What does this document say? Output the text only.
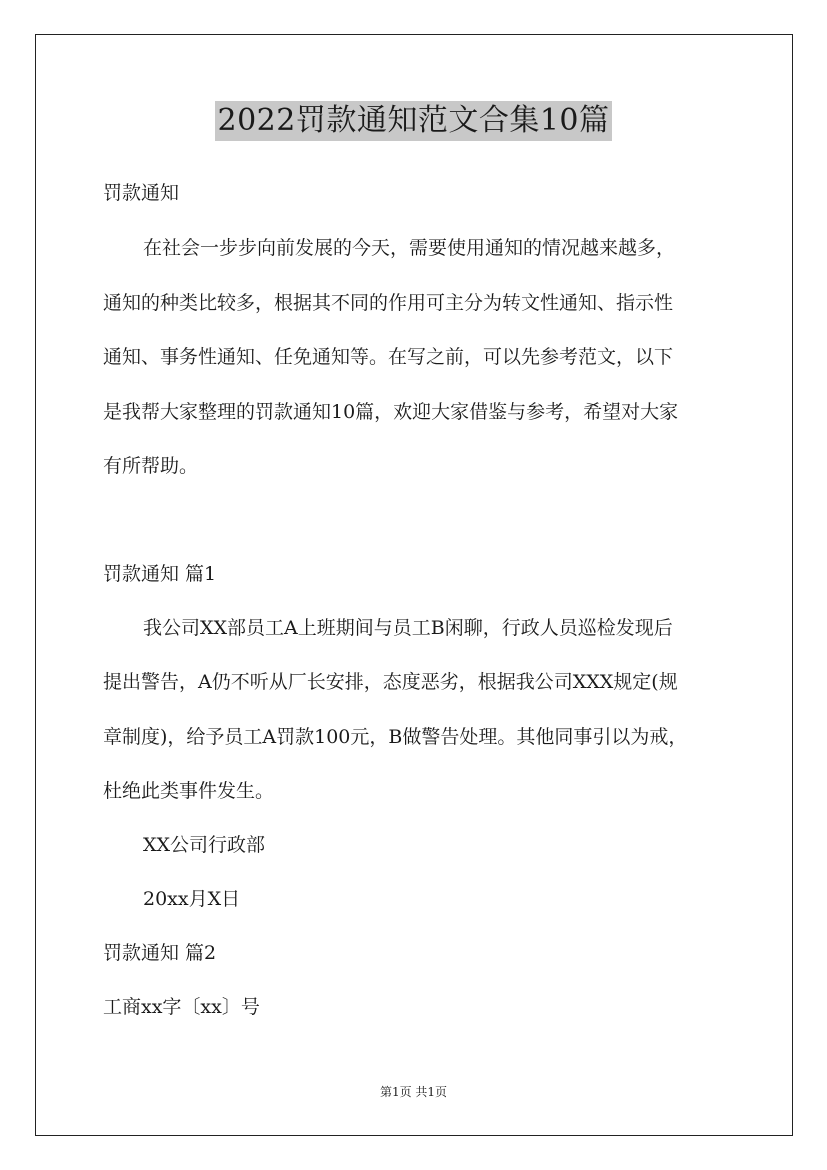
2022罚款通知范文合集10篇
罚款通知
在社会一步步向前发展的今天，需要使用通知的情况越来越多，
通知的种类比较多，根据其不同的作用可主分为转文性通知、指示性
通知、事务性通知、任免通知等。在写之前，可以先参考范文，以下
是我帮大家整理的罚款通知10篇，欢迎大家借鉴与参考，希望对大家
有所帮助。
罚款通知 篇1
我公司XX部员工A上班期间与员工B闲聊，行政人员巡检发现后
提出警告，A仍不听从厂长安排，态度恶劣，根据我公司XXX规定(规
章制度)，给予员工A罚款100元，B做警告处理。其他同事引以为戒，
杜绝此类事件发生。
XX公司行政部
20xx月X日
罚款通知 篇2
工商xx字〔xx〕号
第1页 共1页
